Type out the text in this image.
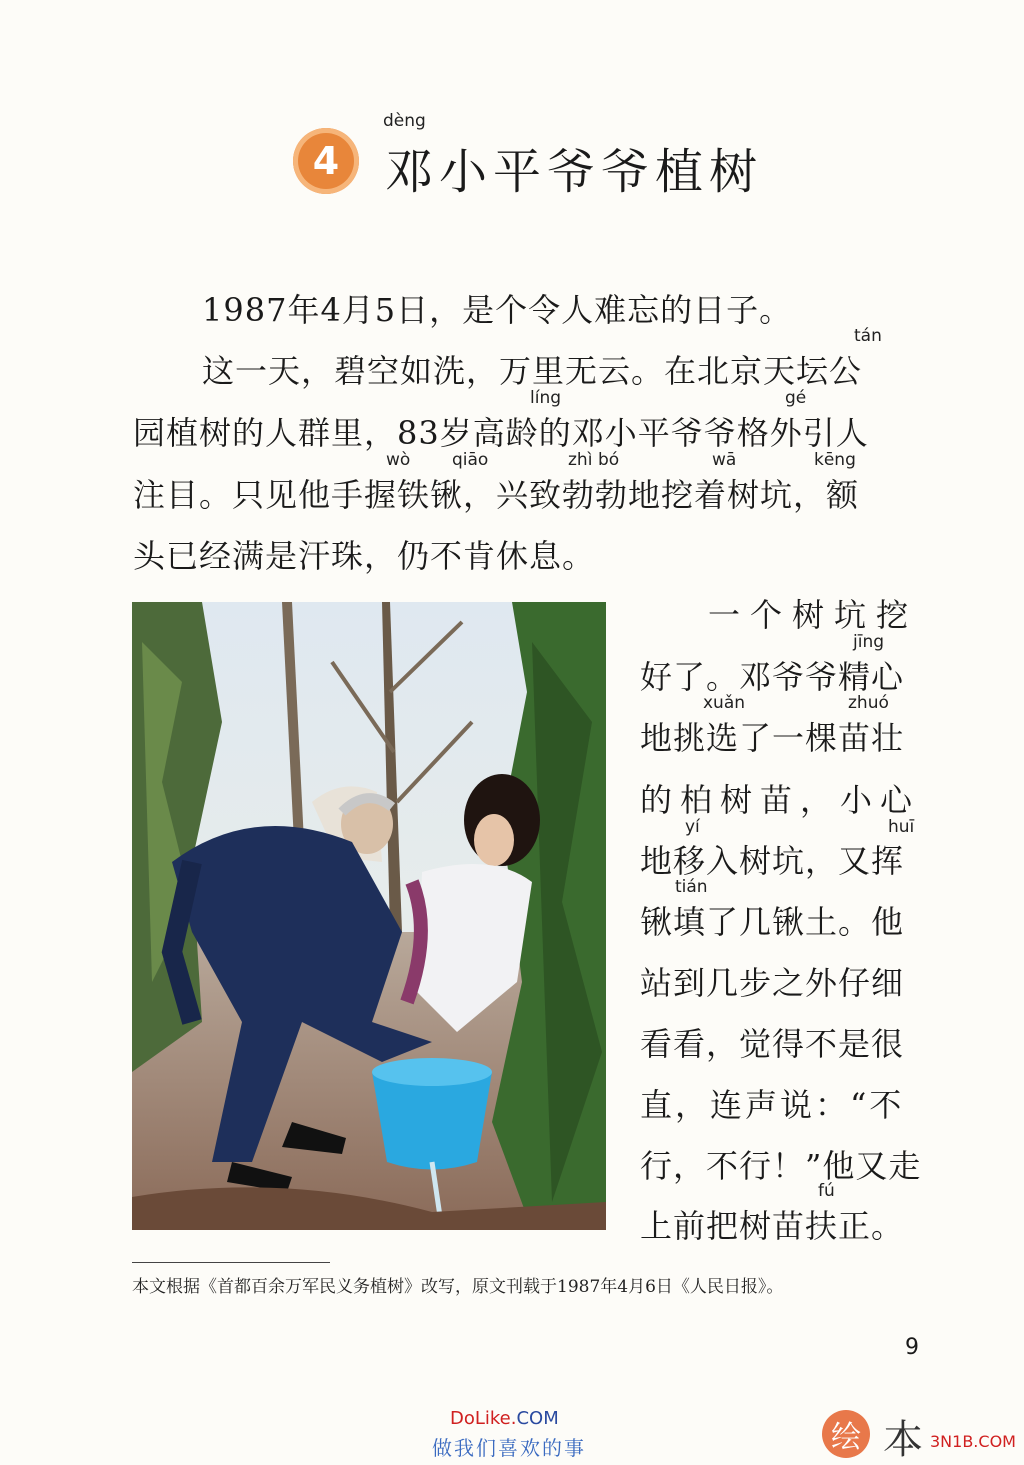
4
dèng
邓小平爷爷植树
1987年4月5日，是个令人难忘的日子。
tán
这一天，碧空如洗，万里无云。在北京天坛公
líng	gé
园植树的人群里，83岁高龄的邓小平爷爷格外引人
wò qiāo	zhì bó	wā	kēng
注目。只见他手握铁锹，兴致勃勃地挖着树坑，额
头已经满是汗珠，仍不肯休息。
一个树坑挖
jīng
好了。邓爷爷精心
xuǎn	zhuó
地挑选了一棵苗壮
的柏树苗，小心
yí	huī
地移入树坑，又挥
tián
锹填了几锹土。他
站到几步之外仔细
看看，觉得不是很
直，连声说：“不
行，不行！”他又走
fú
上前把树苗扶正。
本文根据《首都百余万军民义务植树》改写，原文刊载于1987年4月6日《人民日报》。
9
DoLike.COM
做我们喜欢的事	绘 本 3N1B.COM
